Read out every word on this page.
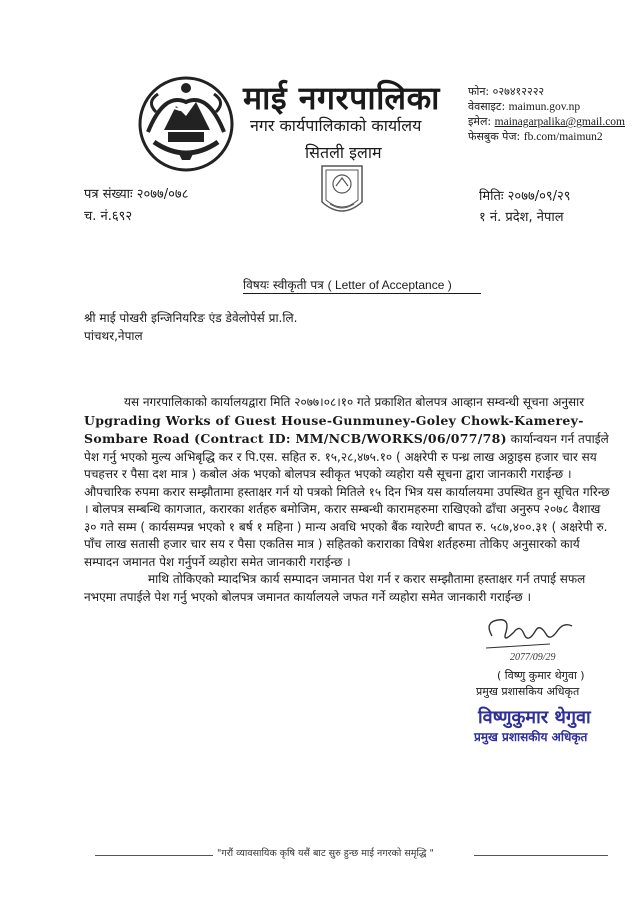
माई नगरपालिका
नगर कार्यपालिकाको कार्यालय
सितली इलाम
फोन: ०२७४१२२२२
वेवसाइट: maimun.gov.np
इमेल: mainagarpalika@gmail.com
फेसबुक पेज: fb.com/maimun2
पत्र संख्याः २०७७/०७८
च. नं.६९२
मितिः २०७७/०९/२९
१ नं. प्रदेश, नेपाल
विषयः स्वीकृती पत्र ( Letter of Acceptance )
श्री माई पोखरी इन्जिनियरिङ एंड डेवेलोपेर्स प्रा.लि.
पांचथर,नेपाल
यस नगरपालिकाको कार्यालयद्वारा मिति २०७७।०८।१० गते प्रकाशित बोलपत्र आव्हान सम्वन्धी सूचना अनुसार Upgrading Works of Guest House-Gunmuney-Goley Chowk-Kamerey-Sombare Road (Contract ID: MM/NCB/WORKS/06/077/78) कार्यान्वयन गर्न तपाईले पेश गर्नु भएको मुल्य अभिबृद्धि कर र पि.एस. सहित रु. १५,२८,४७५.१० ( अक्षरेपी रु पन्ध्र लाख अठ्ठाइस हजार चार सय पचहत्तर र पैसा दश मात्र ) कबोल अंक भएको बोलपत्र स्वीकृत भएको व्यहोरा यसै सूचना द्वारा जानकारी गराईन्छ ।औपचारिक रुपमा करार सम्झौतामा हस्ताक्षर गर्न यो पत्रको मितिले १५ दिन भित्र यस कार्यालयमा उपस्थित हुन सूचित गरिन्छ । बोलपत्र सम्बन्धि कागजात, करारका शर्तहरु बमोजिम, करार सम्बन्धी कारामहरुमा राखिएको ढाँचा अनुरुप २०७८ वैशाख ३० गते सम्म ( कार्यसम्पन्न भएको १ बर्ष १ महिना ) मान्य अवधि भएको बैंक ग्यारेण्टी बापत रु. ५८७,४००.३१ ( अक्षरेपी रु. पाँच लाख सतासी हजार चार सय र पैसा एकतिस मात्र ) सहितको कराराका विषेश शर्तहरुमा तोकिए अनुसारको कार्य सम्पादन जमानत पेश गर्नुपर्ने व्यहोरा समेत जानकारी गराईन्छ ।
माथि तोकिएको म्यादभित्र कार्य सम्पादन जमानत पेश गर्न र करार सम्झौतामा हस्ताक्षर गर्न तपाई सफल नभएमा तपाईले पेश गर्नु भएको बोलपत्र जमानत कार्यालयले जफत गर्ने व्यहोरा समेत जानकारी गराईन्छ ।
2077/09/29
( विष्णु कुमार थेगुवा )
प्रमुख प्रशासकिय अधिकृत
विष्णुकुमार थेगुवा
प्रमुख प्रशासकीय अधिकृत
"गरौं व्यावसायिक कृषि यसैं बाट सुरु हुन्छ माई नगरको समृद्धि "
